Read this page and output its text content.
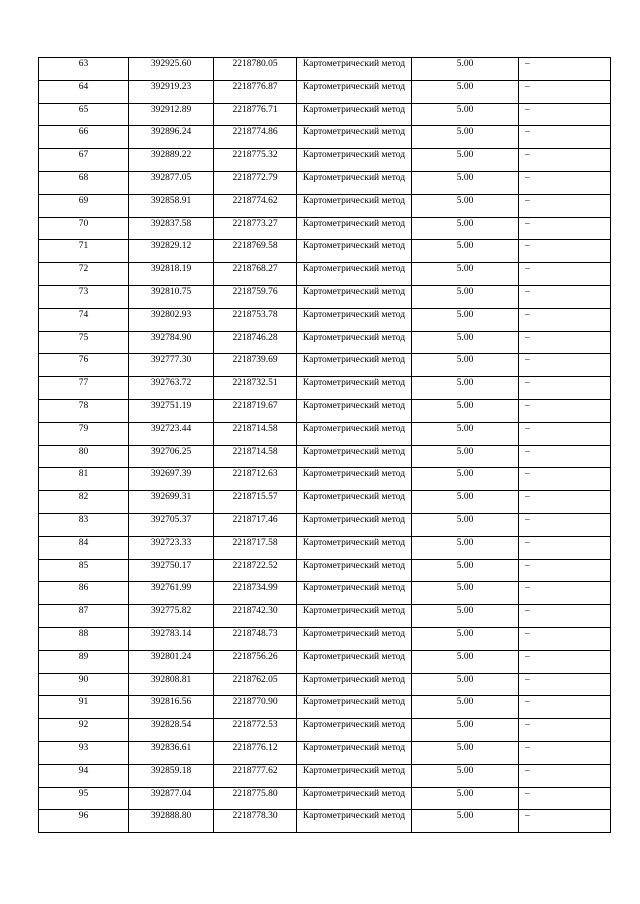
63	392925.60	2218780.05	Картометрический метод	5.00	–

64	392919.23	2218776.87	Картометрический метод	5.00	–

65	392912.89	2218776.71	Картометрический метод	5.00	–

66	392896.24	2218774.86	Картометрический метод	5.00	–

67	392889.22	2218775.32	Картометрический метод	5.00	–

68	392877.05	2218772.79	Картометрический метод	5.00	–

69	392858.91	2218774.62	Картометрический метод	5.00	–

70	392837.58	2218773.27	Картометрический метод	5.00	–

71	392829.12	2218769.58	Картометрический метод	5.00	–

72	392818.19	2218768.27	Картометрический метод	5.00	–

73	392810.75	2218759.76	Картометрический метод	5.00	–

74	392802.93	2218753.78	Картометрический метод	5.00	–

75	392784.90	2218746.28	Картометрический метод	5.00	–

76	392777.30	2218739.69	Картометрический метод	5.00	–

77	392763.72	2218732.51	Картометрический метод	5.00	–

78	392751.19	2218719.67	Картометрический метод	5.00	–

79	392723.44	2218714.58	Картометрический метод	5.00	–

80	392706.25	2218714.58	Картометрический метод	5.00	–

81	392697.39	2218712.63	Картометрический метод	5.00	–

82	392699.31	2218715.57	Картометрический метод	5.00	–

83	392705.37	2218717.46	Картометрический метод	5.00	–

84	392723.33	2218717.58	Картометрический метод	5.00	–

85	392750.17	2218722.52	Картометрический метод	5.00	–

86	392761.99	2218734.99	Картометрический метод	5.00	–

87	392775.82	2218742.30	Картометрический метод	5.00	–

88	392783.14	2218748.73	Картометрический метод	5.00	–

89	392801.24	2218756.26	Картометрический метод	5.00	–

90	392808.81	2218762.05	Картометрический метод	5.00	–

91	392816.56	2218770.90	Картометрический метод	5.00	–

92	392828.54	2218772.53	Картометрический метод	5.00	–

93	392836.61	2218776.12	Картометрический метод	5.00	–

94	392859.18	2218777.62	Картометрический метод	5.00	–

95	392877.04	2218775.80	Картометрический метод	5.00	–

96	392888.80	2218778.30	Картометрический метод	5.00	–
